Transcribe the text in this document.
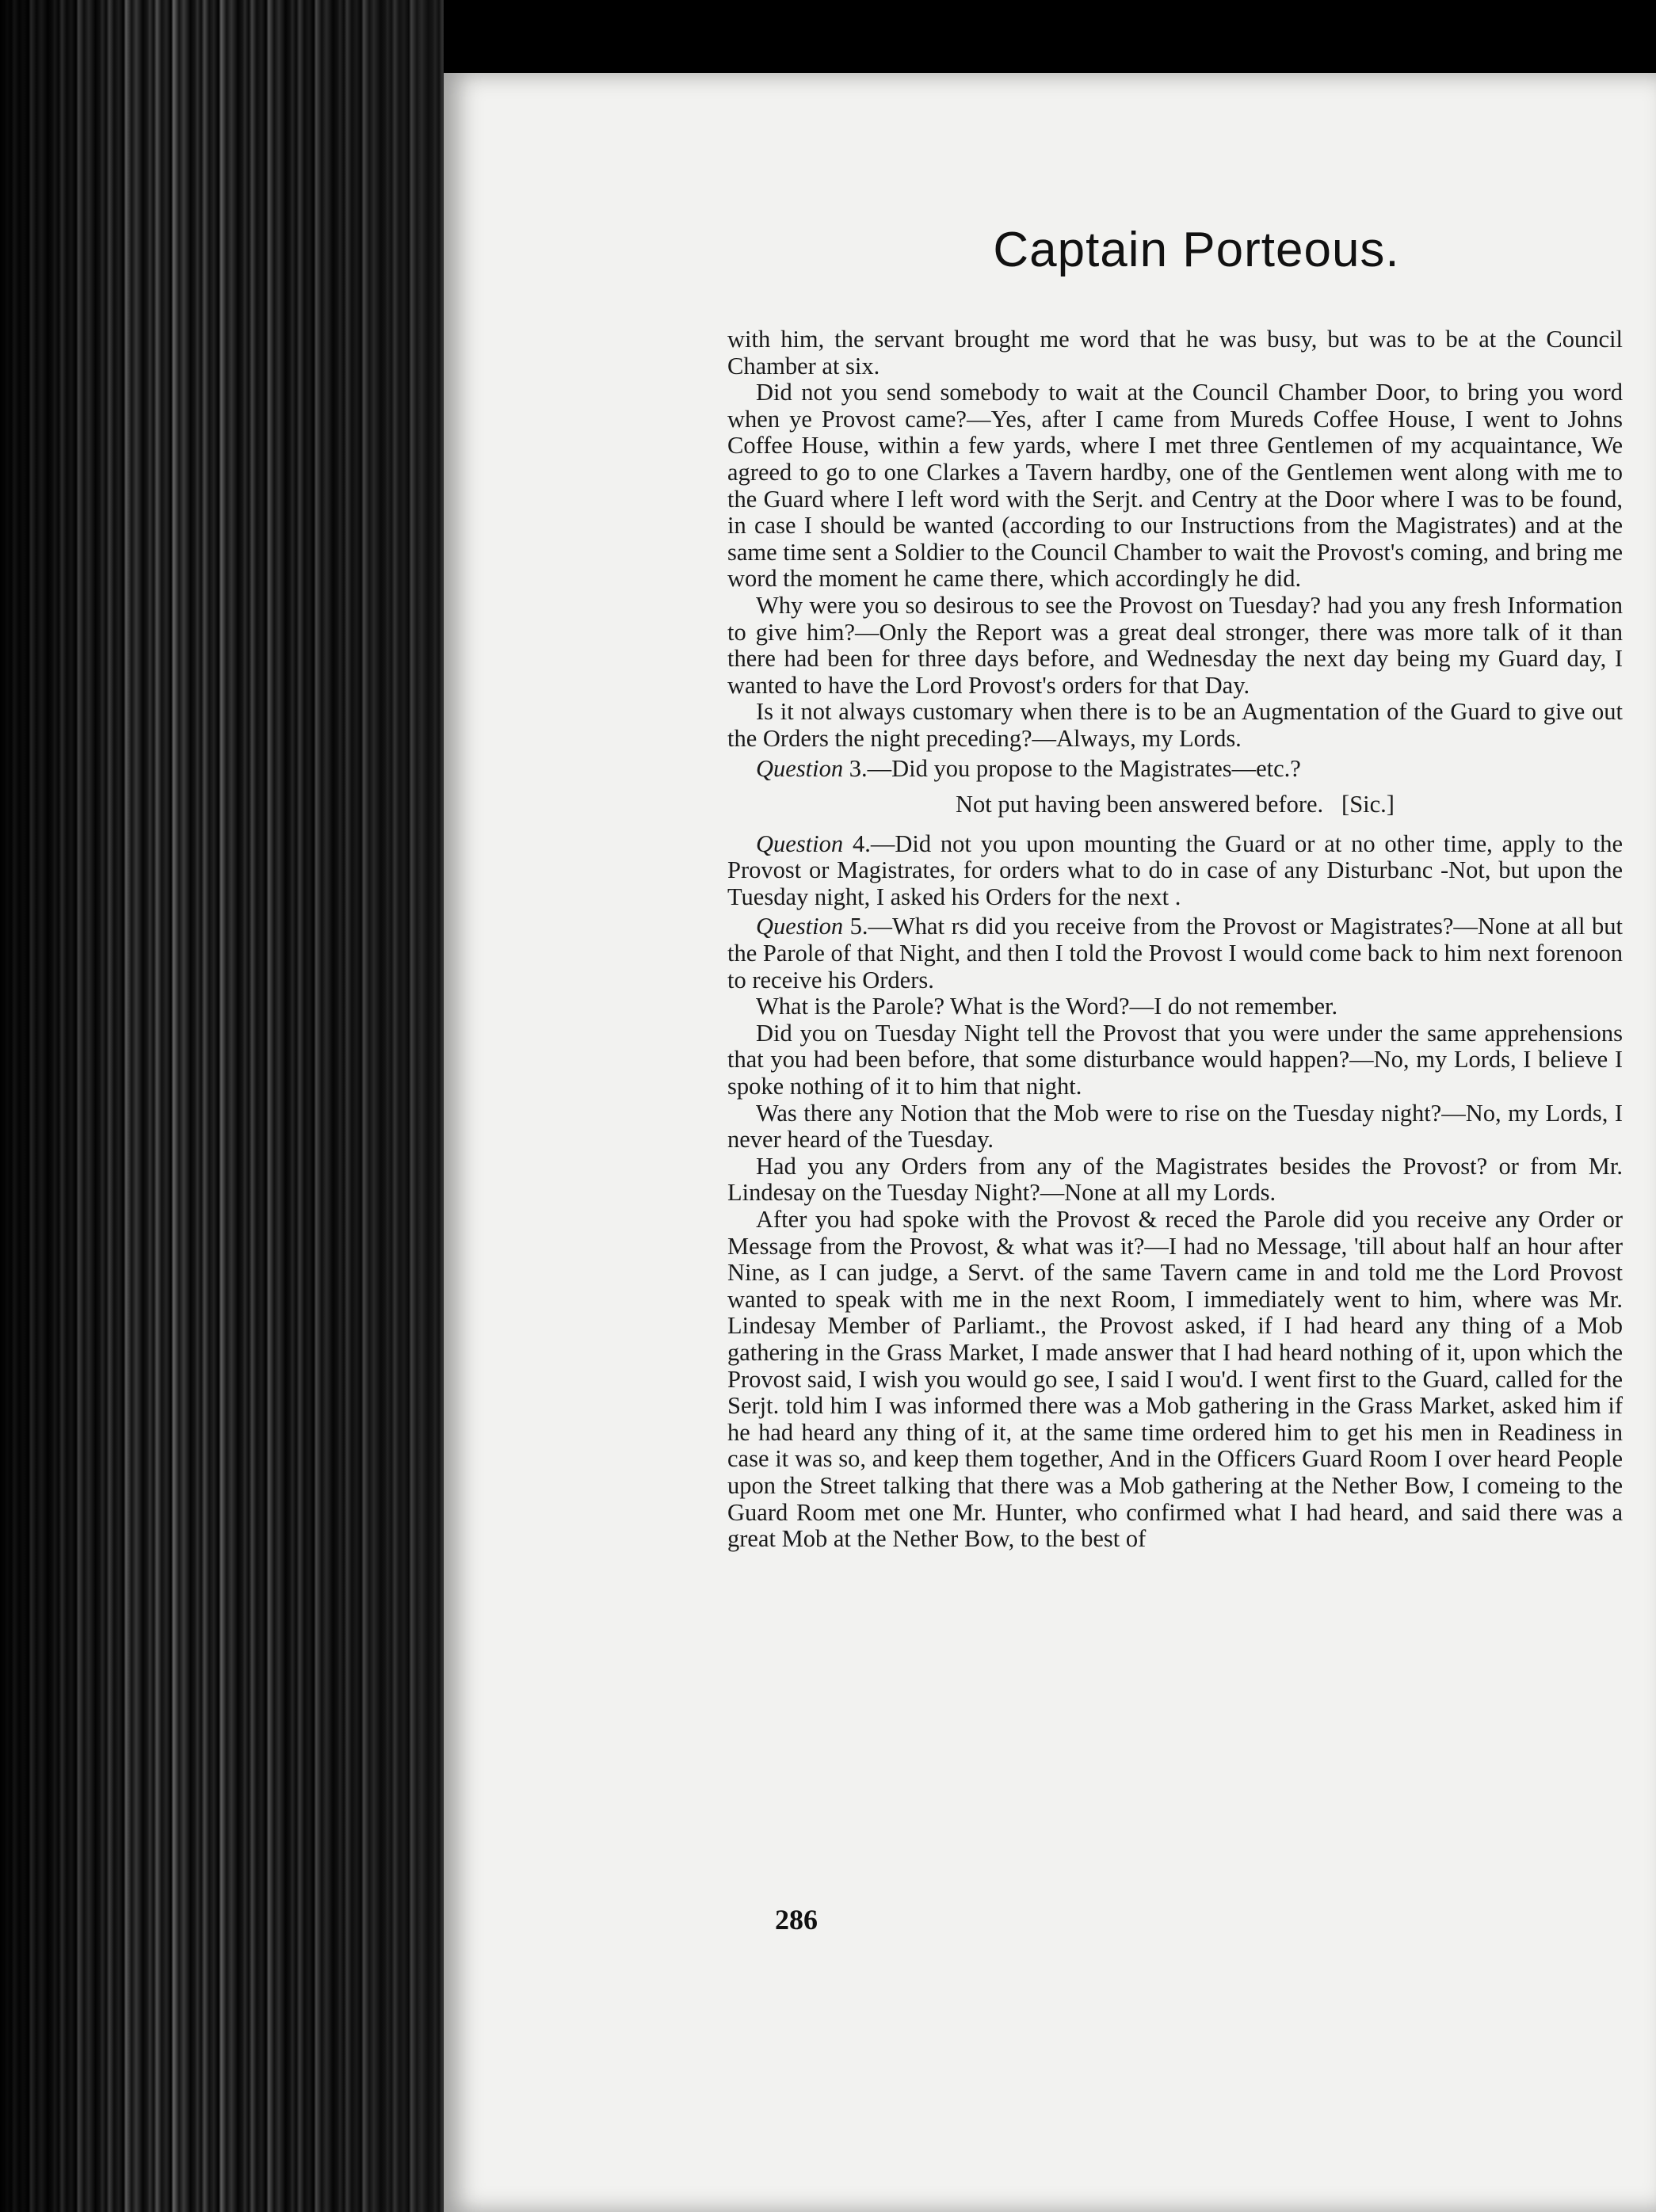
Captain Porteous.

with him, the servant brought me word that he was busy, but was to be at the Council Chamber at six.

Did not you send somebody to wait at the Council Chamber Door, to bring you word when ye Provost came?—Yes, after I came from Mureds Coffee House, I went to Johns Coffee House, within a few yards, where I met three Gentlemen of my acquaintance, We agreed to go to one Clarkes a Tavern hardby, one of the Gentlemen went along with me to the Guard where I left word with the Serjt. and Centry at the Door where I was to be found, in case I should be wanted (according to our Instructions from the Magistrates) and at the same time sent a Soldier to the Council Chamber to wait the Provost's coming, and bring me word the moment he came there, which accordingly he did.

Why were you so desirous to see the Provost on Tuesday? had you any fresh Information to give him?—Only the Report was a great deal stronger, there was more talk of it than there had been for three days before, and Wednesday the next day being my Guard day, I wanted to have the Lord Provost's orders for that Day.

Is it not always customary when there is to be an Augmentation of the Guard to give out the Orders the night preceding?—Always, my Lords.

Question 3.—Did you propose to the Magistrates—etc.?

Not put having been answered before. [Sic.]

Question 4.—Did not you upon mounting the Guard or at no other time, apply to the Provost or Magistrates, for orders what to do in case of any Disturbanc -Not, but upon the Tuesday night, I asked his Orders for the next .

Question 5.—What rs did you receive from the Provost or Magistrates?—None at all but the Parole of that Night, and then I told the Provost I would come back to him next forenoon to receive his Orders.

What is the Parole? What is the Word?—I do not remember.

Did you on Tuesday Night tell the Provost that you were under the same apprehensions that you had been before, that some disturbance would happen?—No, my Lords, I believe I spoke nothing of it to him that night.

Was there any Notion that the Mob were to rise on the Tuesday night?—No, my Lords, I never heard of the Tuesday.

Had you any Orders from any of the Magistrates besides the Provost? or from Mr. Lindesay on the Tuesday Night?—None at all my Lords.

After you had spoke with the Provost & reced the Parole did you receive any Order or Message from the Provost, & what was it?—I had no Message, 'till about half an hour after Nine, as I can judge, a Servt. of the same Tavern came in and told me the Lord Provost wanted to speak with me in the next Room, I immediately went to him, where was Mr. Lindesay Member of Parliamt., the Provost asked, if I had heard any thing of a Mob gathering in the Grass Market, I made answer that I had heard nothing of it, upon which the Provost said, I wish you would go see, I said I wou'd. I went first to the Guard, called for the Serjt. told him I was informed there was a Mob gathering in the Grass Market, asked him if he had heard any thing of it, at the same time ordered him to get his men in Readiness in case it was so, and keep them together, And in the Officers Guard Room I over heard People upon the Street talking that there was a Mob gathering at the Nether Bow, I comeing to the Guard Room met one Mr. Hunter, who confirmed what I had heard, and said there was a great Mob at the Nether Bow, to the best of

286
